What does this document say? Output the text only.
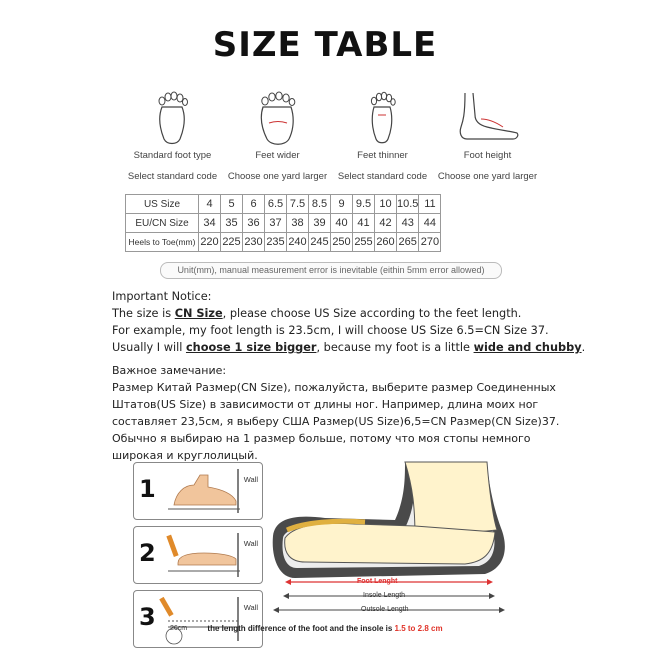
SIZE TABLE
Standard foot type
Select standard code
Feet wider
Choose one yard larger
Feet thinner
Select standard code
Foot height
Choose one yard larger
US Size	4	5	6	6.5	7.5	8.5	9	9.5	10	10.5	11
EU/CN Size	34	35	36	37	38	39	40	41	42	43	44
Heels to Toe(mm)	220	225	230	235	240	245	250	255	260	265	270
Unit(mm), manual measurement error is inevitable (eithin 5mm error allowed)

Important Notice:

The size is CN Size, please choose US Size according to the feet length.

For example, my foot length is 23.5cm, I will choose US Size 6.5=CN Size 37.

Usually I will choose 1 size bigger, because my foot is a little wide and chubby.

Важное замечание:

Размер Китай Размер(CN Size), пожалуйста, выберите размер Соединенных

Штатов(US Size) в зависимости от длины ног. Например, длина моих ног

составляет 23,5см, я выберу США Размер(US Size)6,5=CN Размер(CN Size)37.

Обычно я выбираю на 1 размер больше, потому что моя стопы немного

широкая и круглолицый.

1	Wall
2	Wall
3 26cm
Wall
Foot Lenght
Insole Length
Outsole Length
the length difference of the foot and the insole is 1.5 to 2.8 cm
